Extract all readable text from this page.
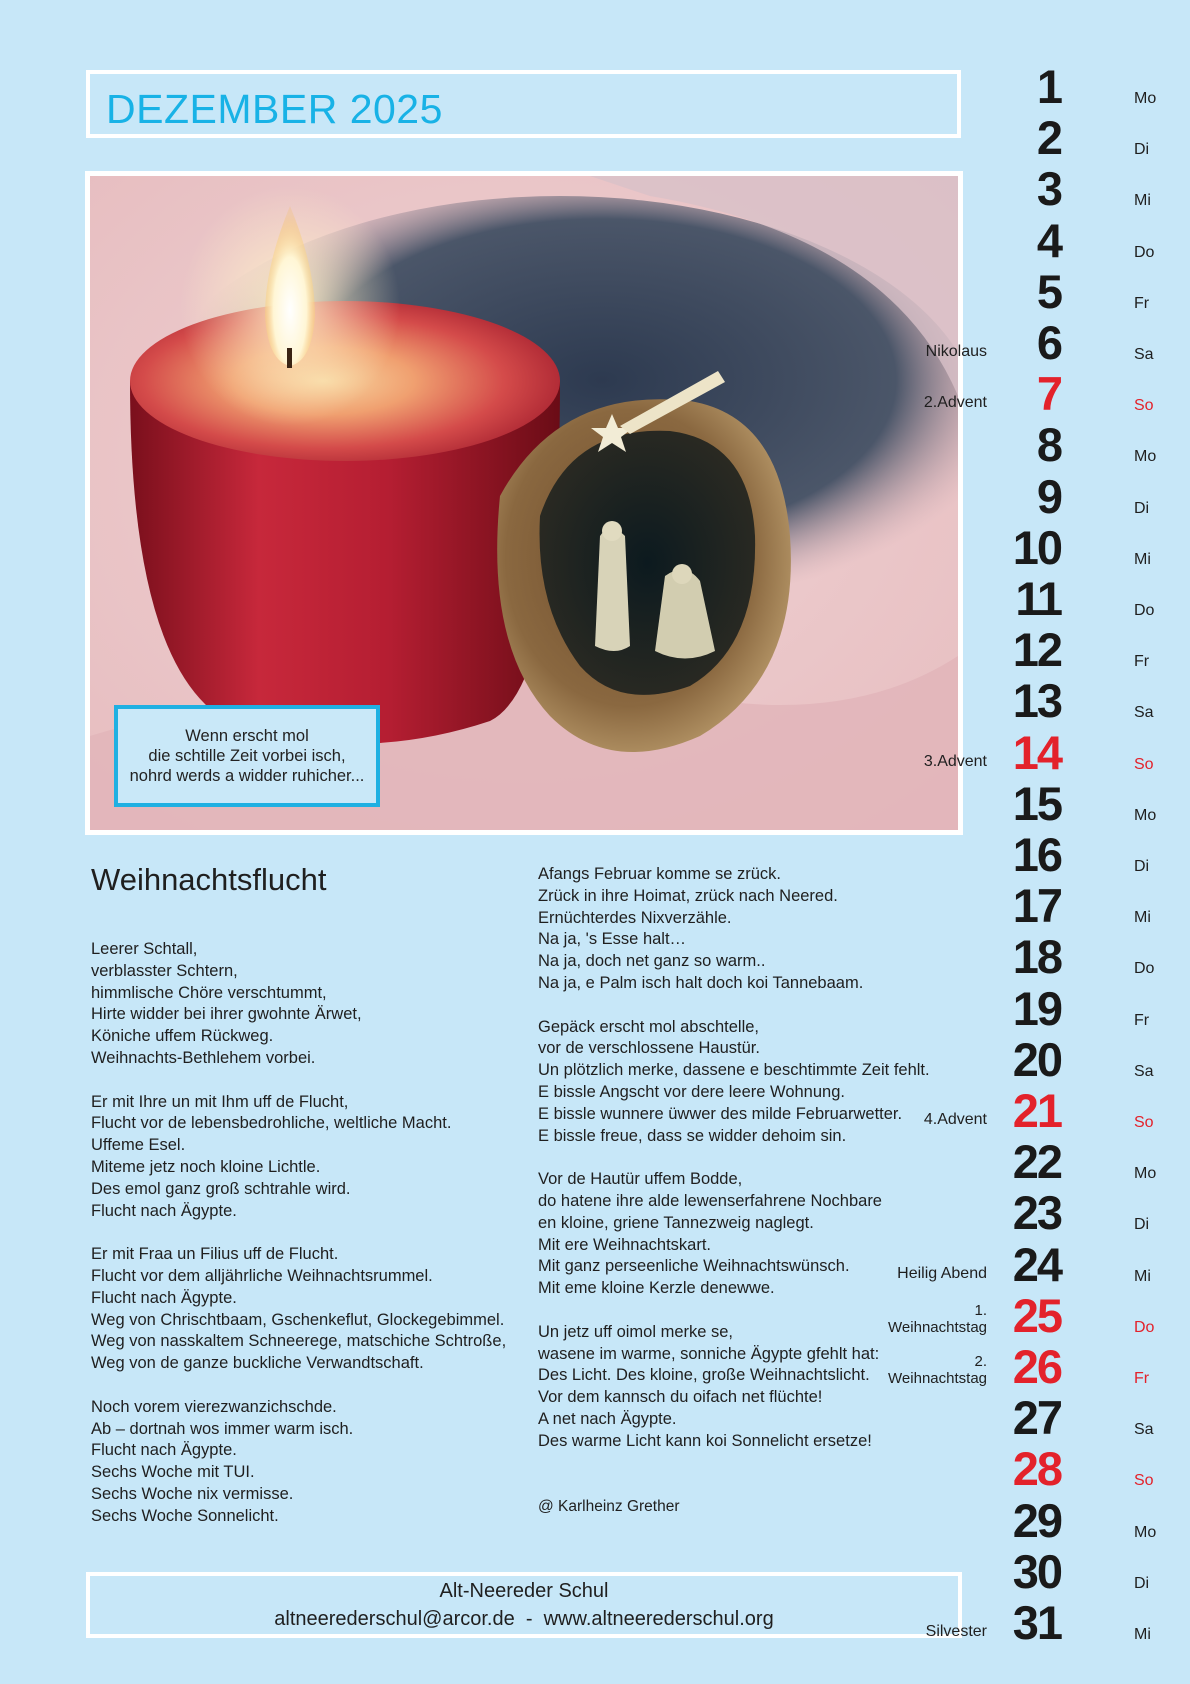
DEZEMBER 2025
Wenn erscht mol
die schtille Zeit vorbei isch,
nohrd werds a widder ruhicher...
Weihnachtsflucht
Leerer Schtall,
verblasster Schtern,
himmlische Chöre verschtummt,
Hirte widder bei ihrer gwohnte Ärwet,
Köniche uffem Rückweg.
Weihnachts-Bethlehem vorbei.
Er mit Ihre un mit Ihm uff de Flucht,
Flucht vor de lebensbedrohliche, weltliche Macht.
Uffeme Esel.
Miteme jetz noch kloine Lichtle.
Des emol ganz groß schtrahle wird.
Flucht nach Ägypte.
Er mit Fraa un Filius uff de Flucht.
Flucht vor dem alljährliche Weihnachtsrummel.
Flucht nach Ägypte.
Weg von Chrischtbaam, Gschenkeflut, Glockegebimmel.
Weg von nasskaltem Schneerege, matschiche Schtroße,
Weg von de ganze buckliche Verwandtschaft.
Noch vorem vierezwanzichschde.
Ab – dortnah wos immer warm isch.
Flucht nach Ägypte.
Sechs Woche mit TUI.
Sechs Woche nix vermisse.
Sechs Woche Sonnelicht.
Afangs Februar komme se zrück.
Zrück in ihre Hoimat, zrück nach Neered.
Ernüchterdes Nixverzähle.
Na ja, 's Esse halt…
Na ja, doch net ganz so warm..
Na ja, e Palm isch halt doch koi Tannebaam.
Gepäck erscht mol abschtelle,
vor de verschlossene Haustür.
Un plötzlich merke, dassene e beschtimmte Zeit fehlt.
E bissle Angscht vor dere leere Wohnung.
E bissle wunnere üwwer des milde Februarwetter.
E bissle freue, dass se widder dehoim sin.
Vor de Hautür uffem Bodde,
do hatene ihre alde lewenserfahrene Nochbare
en kloine, griene Tannezweig naglegt.
Mit ere Weihnachtskart.
Mit ganz perseenliche Weihnachtswünsch.
Mit eme kloine Kerzle denewwe.
Un jetz uff oimol merke se,
wasene im warme, sonniche Ägypte gfehlt hat:
Des Licht. Des kloine, große Weihnachtslicht.
Vor dem kannsch du oifach net flüchte!
A net nach Ägypte.
Des warme Licht kann koi Sonnelicht ersetze!
@ Karlheinz Grether
Alt-Neereder Schul
altneerederschul@arcor.de  -  www.altneerederschul.org
1	Mo
2	Di
3	Mi
4	Do
5	Fr
6	Sa
Nikolaus
7	So
2.Advent
8	Mo
9	Di
10	Mi
11	Do
12	Fr
13	Sa
14	So
3.Advent
15	Mo
16	Di
17	Mi
18	Do
19	Fr
20	Sa
21	So
4.Advent
22	Mo
23	Di
24	Mi
Heilig Abend
25	Do
1.
Weihnachtstag
26	Fr
2.
Weihnachtstag
27	Sa
28	So
29	Mo
30	Di
31	Mi
Silvester
